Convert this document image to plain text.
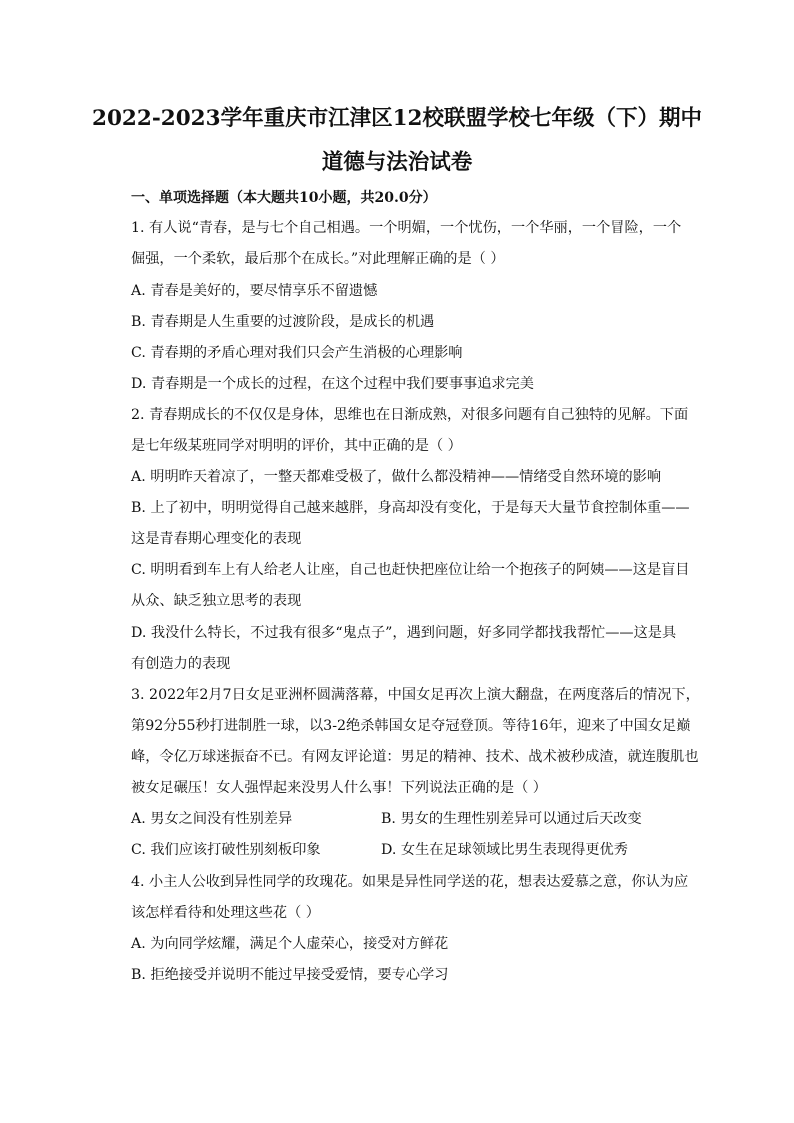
2022-2023学年重庆市江津区12校联盟学校七年级（下）期中
道德与法治试卷
一、单项选择题（本大题共10小题，共20.0分）
1. 有人说“青春，是与七个自己相遇。一个明媚，一个忧伤，一个华丽，一个冒险，一个
倔强，一个柔软，最后那个在成长。”对此理解正确的是（ ）
A. 青春是美好的，要尽情享乐不留遗憾
B. 青春期是人生重要的过渡阶段，是成长的机遇
C. 青春期的矛盾心理对我们只会产生消极的心理影响
D. 青春期是一个成长的过程，在这个过程中我们要事事追求完美
2. 青春期成长的不仅仅是身体，思维也在日渐成熟，对很多问题有自己独特的见解。下面
是七年级某班同学对明明的评价，其中正确的是（ ）
A. 明明昨天着凉了，一整天都难受极了，做什么都没精神——情绪受自然环境的影响
B. 上了初中，明明觉得自己越来越胖，身高却没有变化，于是每天大量节食控制体重——
这是青春期心理变化的表现
C. 明明看到车上有人给老人让座，自己也赶快把座位让给一个抱孩子的阿姨——这是盲目
从众、缺乏独立思考的表现
D. 我没什么特长，不过我有很多“鬼点子”，遇到问题，好多同学都找我帮忙——这是具
有创造力的表现
3. 2022年2月7日女足亚洲杯圆满落幕，中国女足再次上演大翻盘，在两度落后的情况下，
第92分55秒打进制胜一球，以3-2绝杀韩国女足夺冠登顶。等待16年，迎来了中国女足巅
峰，令亿万球迷振奋不已。有网友评论道：男足的精神、技术、战术被秒成渣，就连腹肌也
被女足碾压！女人强悍起来没男人什么事！下列说法正确的是（ ）
A. 男女之间没有性别差异	B. 男女的生理性别差异可以通过后天改变
C. 我们应该打破性别刻板印象	D. 女生在足球领域比男生表现得更优秀
4. 小主人公收到异性同学的玫瑰花。如果是异性同学送的花，想表达爱慕之意，你认为应
该怎样看待和处理这些花（ ）
A. 为向同学炫耀，满足个人虚荣心，接受对方鲜花
B. 拒绝接受并说明不能过早接受爱情，要专心学习
